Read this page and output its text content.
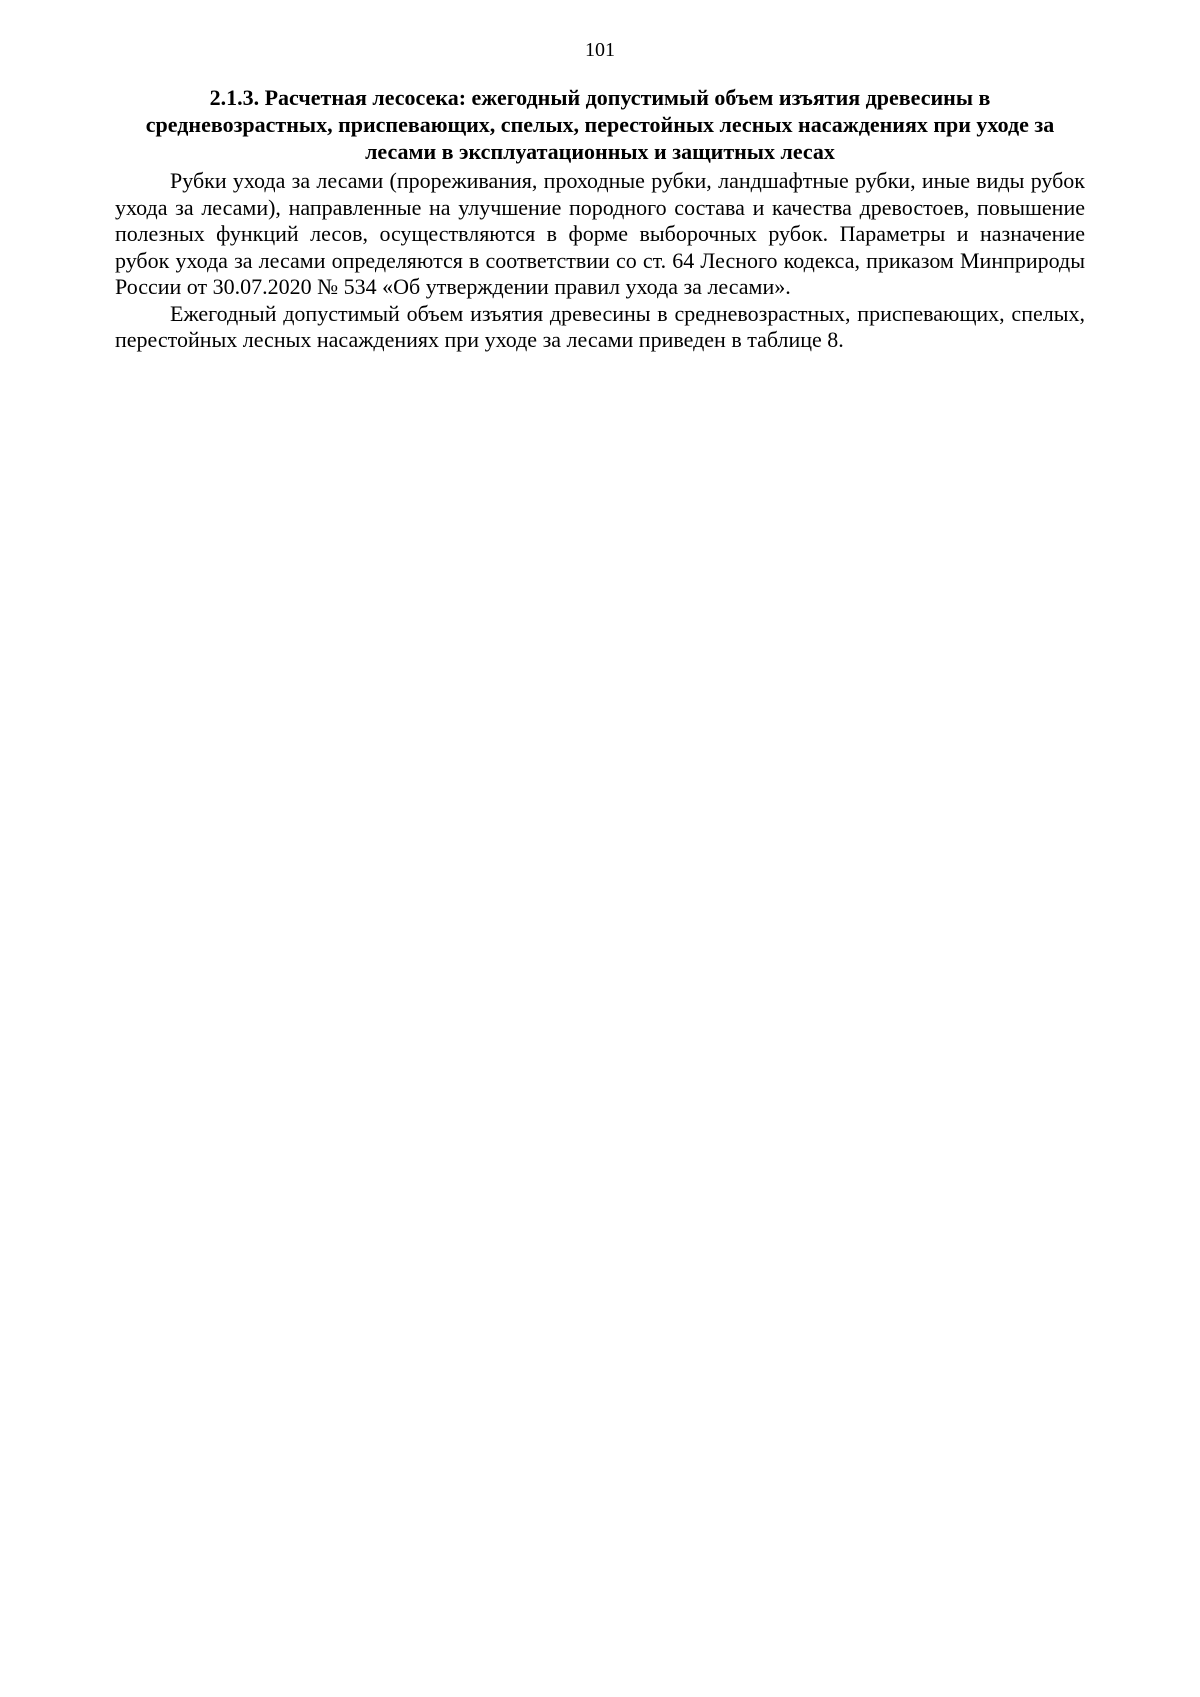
101
2.1.3. Расчетная лесосека: ежегодный допустимый объем изъятия древесины в средневозрастных, приспевающих, спелых, перестойных лесных насаждениях при уходе за лесами в эксплуатационных и защитных лесах

Рубки ухода за лесами (прореживания, проходные рубки, ландшафтные рубки, иные виды рубок ухода за лесами), направленные на улучшение породного состава и качества древостоев, повышение полезных функций лесов, осуществляются в форме выборочных рубок. Параметры и назначение рубок ухода за лесами определяются в соответствии со ст. 64 Лесного кодекса, приказом Минприроды России от 30.07.2020 № 534 «Об утверждении правил ухода за лесами».

Ежегодный допустимый объем изъятия древесины в средневозрастных, приспевающих, спелых, перестойных лесных насаждениях при уходе за лесами приведен в таблице 8.
